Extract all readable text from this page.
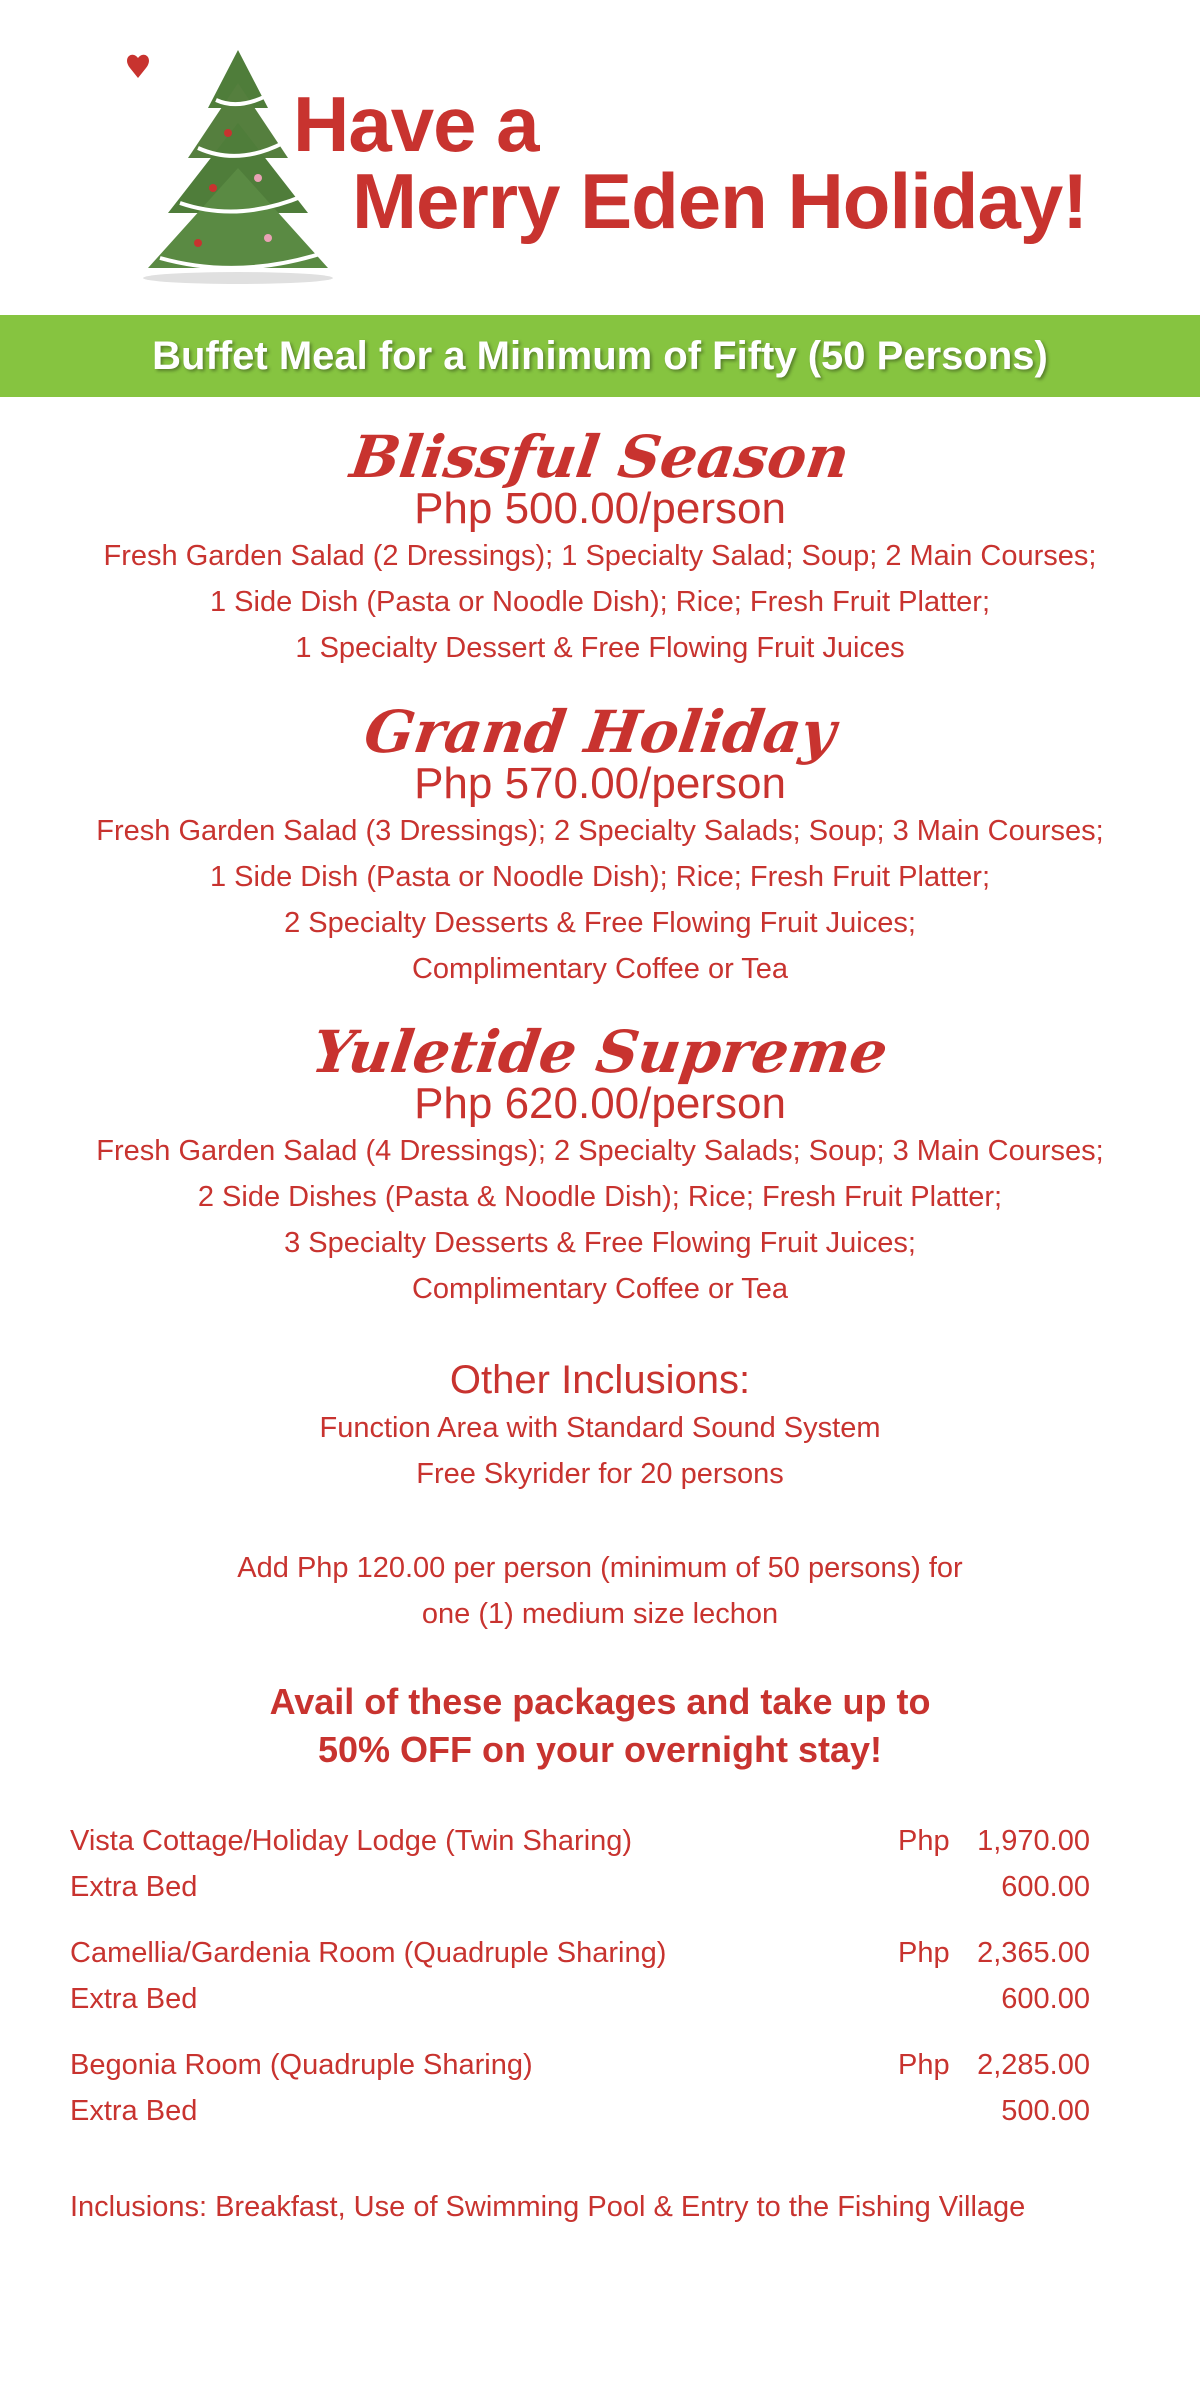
Have a
Merry Eden Holiday!
Buffet Meal for a Minimum of Fifty (50 Persons)
Blissful Season
Php 500.00/person
Fresh Garden Salad (2 Dressings); 1 Specialty Salad; Soup; 2 Main Courses;
1 Side Dish (Pasta or Noodle Dish); Rice; Fresh Fruit Platter;
1 Specialty Dessert & Free Flowing Fruit Juices
Grand Holiday
Php 570.00/person
Fresh Garden Salad (3 Dressings); 2 Specialty Salads; Soup; 3 Main Courses;
1 Side Dish (Pasta or Noodle Dish); Rice; Fresh Fruit Platter;
2 Specialty Desserts & Free Flowing Fruit Juices;
Complimentary Coffee or Tea
Yuletide Supreme
Php 620.00/person
Fresh Garden Salad (4 Dressings); 2 Specialty Salads; Soup; 3 Main Courses;
2 Side Dishes (Pasta & Noodle Dish); Rice; Fresh Fruit Platter;
3 Specialty Desserts & Free Flowing Fruit Juices;
Complimentary Coffee or Tea
Other Inclusions:
Function Area with Standard Sound System
Free Skyrider for 20 persons
Add Php 120.00 per person (minimum of 50 persons) for
one (1) medium size lechon
Avail of these packages and take up to
50% OFF on your overnight stay!
Vista Cottage/Holiday Lodge (Twin Sharing)	Php 1,970.00
Extra Bed	600.00
Camellia/Gardenia Room (Quadruple Sharing)	Php 2,365.00
Extra Bed	600.00
Begonia Room (Quadruple Sharing)	Php 2,285.00
Extra Bed	500.00
Inclusions: Breakfast, Use of Swimming Pool & Entry to the Fishing Village
